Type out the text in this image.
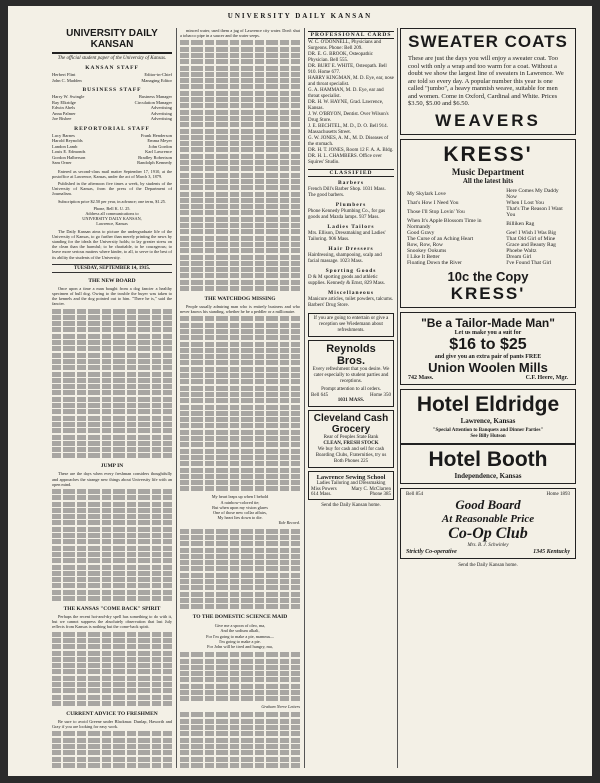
UNIVERSITY DAILY KANSAN
UNIVERSITY DAILY KANSAN
The official student paper of the University of Kansas.
KANSAN STAFF
Herbert Flint	Editor-in-Chief
John C. Madden	Managing Editor
BUSINESS STAFF
Harry W. Swingle	Business Manager
Ray Elkridge	Circulation Manager
Edwin Abels	Advertising
Anna Palmer	Advertising
Joe Bisbee	Advertising
REPORTORIAL STAFF
Lucy Barnes	Frank Henderson
Harold Reynolds	Emma Meyer
Landon Lamb	John Gordon
Louis E. Edmonds	Karl Lawrence
Gordon Halberson	Bradley Robertson
Sam Orner	Randolph Kennedy

Entered as second-class mail matter September 17, 1910, at the postoffice at Lawrence, Kansas, under the act of March 3, 1879.

Published in the afternoon five times a week, by students of the University of Kansas, from the press of the Department of Journalism.

Subscription price $2.50 per year, in advance; one term, $1.25.

Phone, Bell K. U. 25.
Address all communications to
UNIVERSITY DAILY KANSAN,
Lawrence, Kansas

The Daily Kansan aims to picture the undergraduate life of the University of Kansas, to go further than merely printing the news by standing for the ideals the University holds; to lay greater stress on the clean than the harmful; to be charitable, to be courageous; to leave more serious matters where kinder, to all, to serve to the best of its ability the students of the University.

TUESDAY, SEPTEMBER 14, 1915.
THE NEW BOARD

Once upon a time a man bought from a dog fancier a healthy specimen of bull dog. Owing to the trouble the buyer was taken to the kennels and the dog pointed out to him. "There he is," said the fancier.

JUMP IN

These are the days when every freshman considers thoughtfully and approaches the strange new things about University life with an open mind.

THE KANSAS "COME BACK" SPIRIT

Perhaps the recent hot-and-dry spell has something to do with it, but we cannot suppress the absolutely observation that last July reflects from Kansas is nothing but the come-back spirit.

CURRENT ADVICE TO FRESHMEN

Be sure to avoid Greene under Blackmar. Dunlap, Haworth and Gray if you are looking for easy work.

minced water, used them a jug of Lawrence city water. Don't shut a tobacco pipe in a saucer and the water seeps.

THE WATCHDOG MISSING

People usually admiring man who is entirely business and who never knows his standing, whether he be a peddler or a millionaire.

My heart leaps up when I behold
A rainbow-colored tie;
But when upon my vision glares
One of those new collar affairs,
My heart lies down to die.
Yale Record.
TO THE DOMESTIC SCIENCE MAID
Give me a spoon of oleo, ma,
And the sodium alkali,
For I'm going to make a pie, mamma—
I'm going to make a pie.
For John will be tired and hungry, ma,
Graham Nerve Letters
PROFESSIONAL CARDS
W. C. O'DONNELL, Physicians and Surgeons. Phone: Bell 209.
DR. E. G. BROOK, Osteopathic Physician. Bell 555.
DR. BURT E. WHITE, Osteopath. Bell 910. Home 677.
HARRY KINGMAN, M. D. Eye, ear, nose and throat specialist.
G. A. HAMMAN, M. D. Eye, ear and throat specialist.
DR. H. W. HAYNE, Grad. Lawrence, Kansas.
J. W. O'BRYON, Dentist. Over Wilson's Drug Store.
J. E. BECHTEL, M. D., D. O. Bell 914. Massachusetts Street.
G. W. JONES, A. M., M. D. Diseases of the stomach.
DR. H. T. JONES, Room 12 F. A. A. Bldg.
DR. H. L. CHAMBERS. Office over Squires' Studio.
CLASSIFIED
Barbers
French Dill's Barber Shop. 1031 Mass. The good barbers.
Plumbers
Phone Kennedy Plumbing Co., for gas goods and Mazda lamps. 937 Mass.
Ladies Tailors
Mrs. Ellison, Dressmaking and Ladies' Tailoring. 906 Mass.
Hair Dressers
Hairdressing, shampooing, scalp and facial massage. 1023 Mass.
Sporting Goods
D & M sporting goods and athletic supplies. Kennedy & Ernst, 829 Mass.
Miscellaneous
Manicure articles, toilet powders, talcums. Barbers' Drug Store.
If you are going to entertain or give a reception see Wiedemann about refreshments.
Reynolds Bros.
Every refreshment that you desire. We cater especially to student parties and receptions.
Prompt attention to all orders.
Bell 645	Home 350
1031 MASS.
Cleveland Cash Grocery
Rear of Peoples State Bank
CLEAN, FRESH STOCK
We buy for cash and sell for cash
Boarding Clubs, Fraternities, try us
Both Phones 225
Lawrence Sewing School
Ladies Tailoring and Dressmaking
Miss Powers	Mary C. McClarren
614 Mass.	Phone 385
Send the Daily Kansan home.
SWEATER COATS
These are just the days you will enjoy a sweater coat. Too cool with only a wrap and too warm for a coat. Without a doubt we show the largest line of sweaters in Lawrence. We are told so every day. A popular number this year is one called "jumbo", a heavy mannish weave, suitable for men and women. Come in Oxford, Cardinal and White. Prices $3.50, $5.00 and $6.50.
WEAVERS
KRESS'
Music Department
All the latest hits
My Skylark Love	Here Comes My Daddy Now
That's How I Need You	When I Lost You
Those I'll Stop Lovin' You	That's The Reason I Want You
When It's Apple Blossom Time in Normandy	Billiken Rag
Good Gravy	Gee! I Wish I Was Big
The Curse of an Aching Heart	That Old Girl of Mine
Row, Row, Row	Grace and Beauty Rag
Snookey Ookums	Phoebe Waltz
I Like It Better	Dream Girl
Floating Down the River	I've Found That Girl
10c the Copy
KRESS'
"Be a Tailor-Made Man"
Let us make you a suit for
$16 to $25
and give you an extra pair of pants FREE
Union Woolen Mills
742 Mass.	C.F. Heere, Mgr.
Hotel Eldridge
Lawrence, Kansas
"Special Attention to Banquets and Dinner Parties"
See Billy Hutson
Hotel Booth
Independence, Kansas
Bell 854	Home 1893
Good Board
At Reasonable Price
Co-Op Club
Mrs. B. J. Schwinley
Strictly Co-operative	1345 Kentucky
Send the Daily Kansan home.
